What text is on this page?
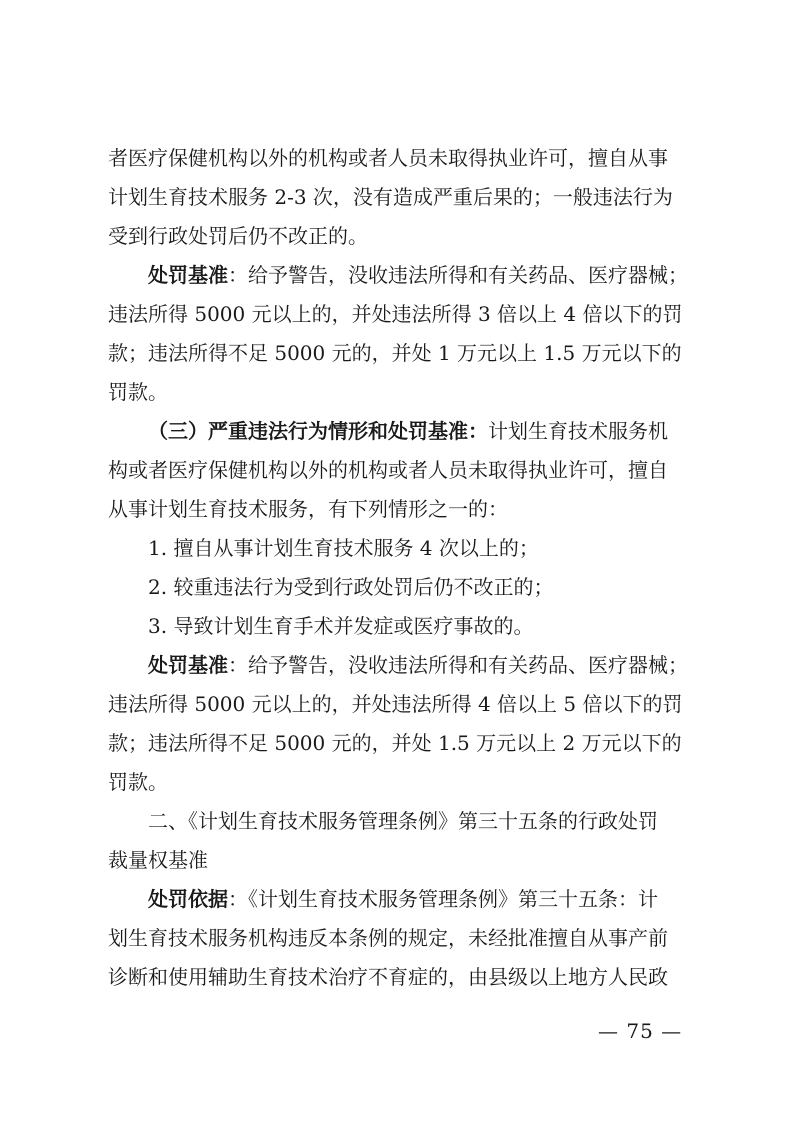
者医疗保健机构以外的机构或者人员未取得执业许可，擅自从事
计划生育技术服务 2-3 次，没有造成严重后果的；一般违法行为
受到行政处罚后仍不改正的。
处罚基准：给予警告，没收违法所得和有关药品、医疗器械；
违法所得 5000 元以上的，并处违法所得 3 倍以上 4 倍以下的罚
款；违法所得不足 5000 元的，并处 1 万元以上 1.5 万元以下的
罚款。
（三）严重违法行为情形和处罚基准：计划生育技术服务机
构或者医疗保健机构以外的机构或者人员未取得执业许可，擅自
从事计划生育技术服务，有下列情形之一的：
1. 擅自从事计划生育技术服务 4 次以上的；
2. 较重违法行为受到行政处罚后仍不改正的；
3. 导致计划生育手术并发症或医疗事故的。
处罚基准：给予警告，没收违法所得和有关药品、医疗器械；
违法所得 5000 元以上的，并处违法所得 4 倍以上 5 倍以下的罚
款；违法所得不足 5000 元的，并处 1.5 万元以上 2 万元以下的
罚款。
二、《计划生育技术服务管理条例》第三十五条的行政处罚
裁量权基准
处罚依据：《计划生育技术服务管理条例》第三十五条：计
划生育技术服务机构违反本条例的规定，未经批准擅自从事产前
诊断和使用辅助生育技术治疗不育症的，由县级以上地方人民政
— 75 —
